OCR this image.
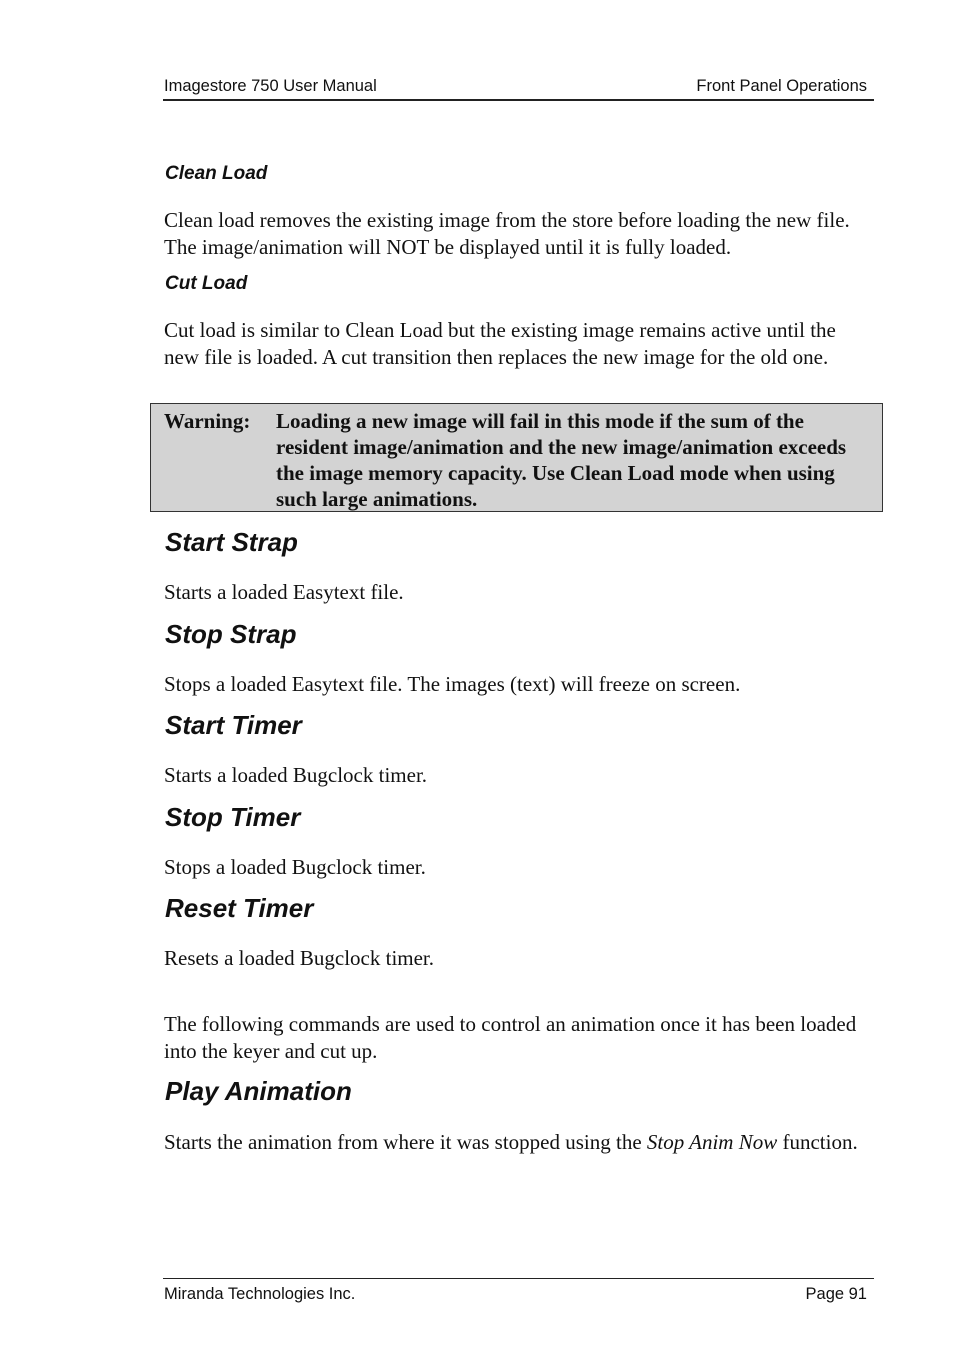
Imagestore 750 User Manual	Front Panel Operations
Clean Load
Clean load removes the existing image from the store before loading the new file. The image/animation will NOT be displayed until it is fully loaded.
Cut Load
Cut load is similar to Clean Load but the existing image remains active until the new file is loaded. A cut transition then replaces the new image for the old one.
Warning: Loading a new image will fail in this mode if the sum of the resident image/animation and the new image/animation exceeds the image memory capacity. Use Clean Load mode when using such large animations.
Start Strap
Starts a loaded Easytext file.
Stop Strap
Stops a loaded Easytext file. The images (text) will freeze on screen.
Start Timer
Starts a loaded Bugclock timer.
Stop Timer
Stops a loaded Bugclock timer.
Reset Timer
Resets a loaded Bugclock timer.
The following commands are used to control an animation once it has been loaded into the keyer and cut up.
Play Animation
Starts the animation from where it was stopped using the Stop Anim Now function.
Miranda Technologies Inc.	Page 91
